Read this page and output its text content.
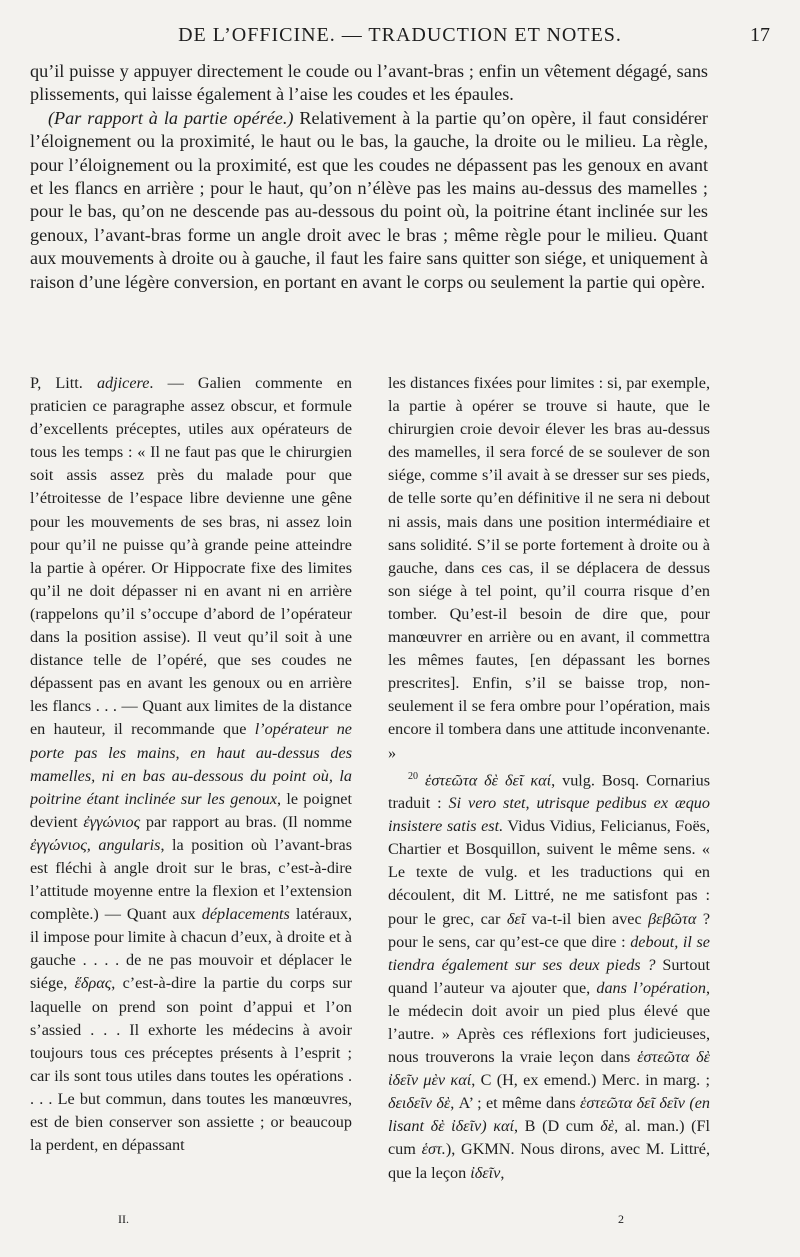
DE L’OFFICINE. — TRADUCTION ET NOTES.	17

qu’il puisse y appuyer directement le coude ou l’avant-bras ; enfin un vêtement dégagé, sans plissements, qui laisse également à l’aise les coudes et les épaules.

(Par rapport à la partie opérée.) Relativement à la partie qu’on opère, il faut considérer l’éloignement ou la proximité, le haut ou le bas, la gauche, la droite ou le milieu. La règle, pour l’éloignement ou la proximité, est que les coudes ne dépassent pas les genoux en avant et les flancs en arrière ; pour le haut, qu’on n’élève pas les mains au-dessus des mamelles ; pour le bas, qu’on ne descende pas au-dessous du point où, la poitrine étant inclinée sur les genoux, l’avant-bras forme un angle droit avec le bras ; même règle pour le milieu. Quant aux mouvements à droite ou à gauche, il faut les faire sans quitter son siége, et uniquement à raison d’une légère conversion, en portant en avant le corps ou seulement la partie qui opère.

P, Litt. adjicere. — Galien commente en praticien ce paragraphe assez obscur, et formule d’excellents préceptes, utiles aux opérateurs de tous les temps : « Il ne faut pas que le chirurgien soit assis assez près du malade pour que l’étroitesse de l’espace libre devienne une gêne pour les mouvements de ses bras, ni assez loin pour qu’il ne puisse qu’à grande peine atteindre la partie à opérer. Or Hippocrate fixe des limites qu’il ne doit dépasser ni en avant ni en arrière (rappelons qu’il s’occupe d’abord de l’opérateur dans la position assise). Il veut qu’il soit à une distance telle de l’opéré, que ses coudes ne dépassent pas en avant les genoux ou en arrière les flancs . . . — Quant aux limites de la distance en hauteur, il recommande que l’opérateur ne porte pas les mains, en haut au-dessus des mamelles, ni en bas au-dessous du point où, la poitrine étant inclinée sur les genoux, le poignet devient ἐγγώνιος par rapport au bras. (Il nomme ἐγγώνιος, angularis, la position où l’avant-bras est fléchi à angle droit sur le bras, c’est-à-dire l’attitude moyenne entre la flexion et l’extension complète.) — Quant aux déplacements latéraux, il impose pour limite à chacun d’eux, à droite et à gauche . . . . de ne pas mouvoir et déplacer le siége, ἕδρας, c’est-à-dire la partie du corps sur laquelle on prend son point d’appui et l’on s’assied . . . Il exhorte les médecins à avoir toujours tous ces préceptes présents à l’esprit ; car ils sont tous utiles dans toutes les opérations . . . . Le but commun, dans toutes les manœuvres, est de bien conserver son assiette ; or beaucoup la perdent, en dépassant

les distances fixées pour limites : si, par exemple, la partie à opérer se trouve si haute, que le chirurgien croie devoir élever les bras au-dessus des mamelles, il sera forcé de se soulever de son siége, comme s’il avait à se dresser sur ses pieds, de telle sorte qu’en définitive il ne sera ni debout ni assis, mais dans une position intermédiaire et sans solidité. S’il se porte fortement à droite ou à gauche, dans ces cas, il se déplacera de dessus son siége à tel point, qu’il courra risque d’en tomber. Qu’est-il besoin de dire que, pour manœuvrer en arrière ou en avant, il commettra les mêmes fautes, [en dépassant les bornes prescrites]. Enfin, s’il se baisse trop, non-seulement il se fera ombre pour l’opération, mais encore il tombera dans une attitude inconvenante. »

$^{20}$ ἑστεῶτα δὲ δεῖ καί, vulg. Bosq. Cornarius traduit : Si vero stet, utrisque pedibus ex æquo insistere satis est. Vidus Vidius, Felicianus, Foës, Chartier et Bosquillon, suivent le même sens. « Le texte de vulg. et les traductions qui en découlent, dit M. Littré, ne me satisfont pas : pour le grec, car δεῖ va-t-il bien avec βεβῶτα ? pour le sens, car qu’est-ce que dire : debout, il se tiendra également sur ses deux pieds ? Surtout quand l’auteur va ajouter que, dans l’opération, le médecin doit avoir un pied plus élevé que l’autre. » Après ces réflexions fort judicieuses, nous trouverons la vraie leçon dans ἑστεῶτα δὲ ἰδεῖν μὲν καί, C (H, ex emend.) Merc. in marg. ; δειδεῖν δὲ, A’ ; et même dans ἑστεῶτα δεῖ δεῖν (en lisant δὲ ἰδεῖν) καί, B (D cum δὲ, al. man.) (Fl cum ἑστ.), GKMN. Nous dirons, avec M. Littré, que la leçon ἰδεῖν,

II.	2
